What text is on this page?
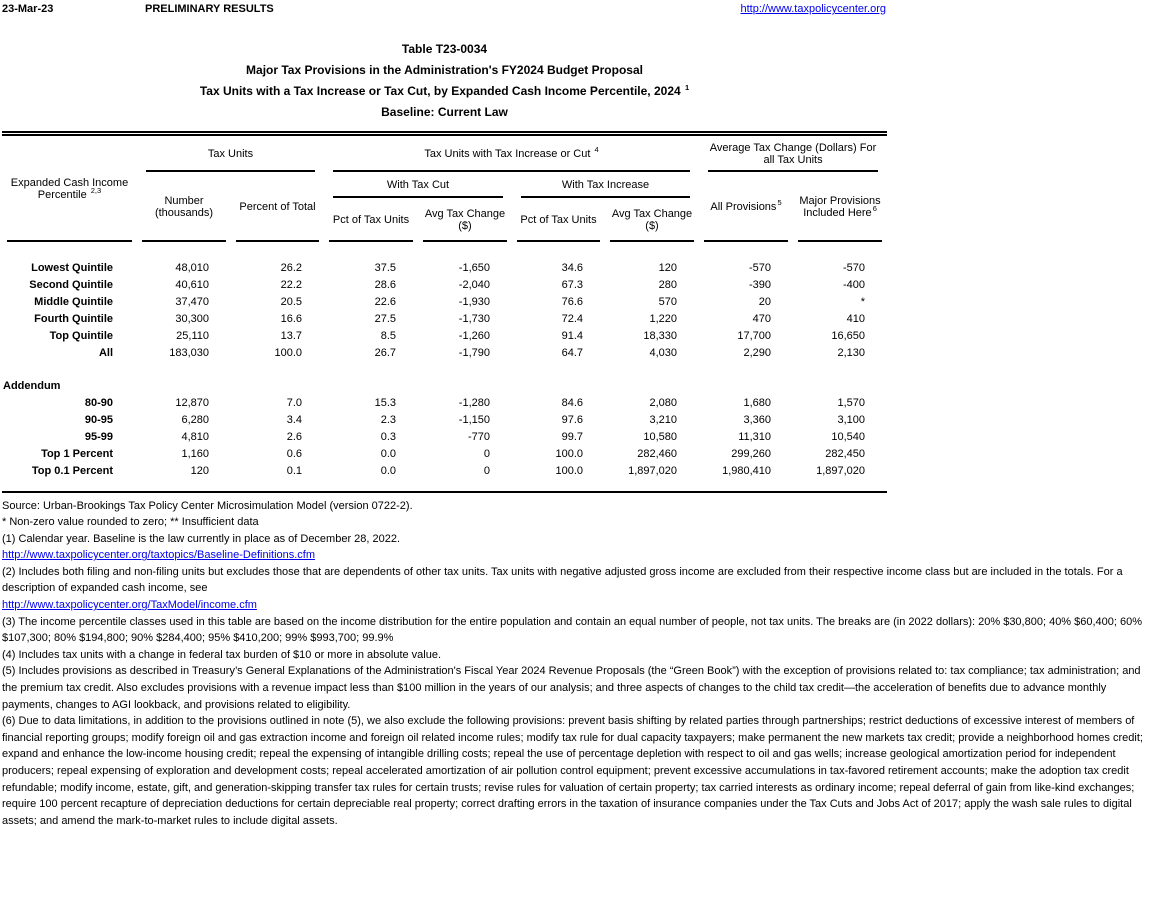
23-Mar-23	PRELIMINARY RESULTS	http://www.taxpolicycenter.org
Table T23-0034
Major Tax Provisions in the Administration's FY2024 Budget Proposal
Tax Units with a Tax Increase or Tax Cut, by Expanded Cash Income Percentile, 2024 $^1$
Baseline: Current Law
Expanded Cash Income Percentile $^{2,3}$	Tax Units		Tax Units with Tax Increase or Cut $^4$				Average Tax Change (Dollars) For all Tax Units	
	Number (thousands)	Percent of Total	With Tax Cut		With Tax Increase		All Provisions$^5$	Major Provisions Included Here$^6$
			Pct of Tax Units	Avg Tax Change ($)	Pct of Tax Units	Avg Tax Change ($)		

Lowest Quintile	48,010	26.2	37.5	-1,650	34.6	120	-570	-570
Second Quintile	40,610	22.2	28.6	-2,040	67.3	280	-390	-400
Middle Quintile	37,470	20.5	22.6	-1,930	76.6	570	20	*
Fourth Quintile	30,300	16.6	27.5	-1,730	72.4	1,220	470	410
Top Quintile	25,110	13.7	8.5	-1,260	91.4	18,330	17,700	16,650
All	183,030	100.0	26.7	-1,790	64.7	4,030	2,290	2,130

Addendum								
80-90	12,870	7.0	15.3	-1,280	84.6	2,080	1,680	1,570
90-95	6,280	3.4	2.3	-1,150	97.6	3,210	3,360	3,100
95-99	4,810	2.6	0.3	-770	99.7	10,580	11,310	10,540
Top 1 Percent	1,160	0.6	0.0	0	100.0	282,460	299,260	282,450
Top 0.1 Percent	120	0.1	0.0	0	100.0	1,897,020	1,980,410	1,897,020

Source: Urban-Brookings Tax Policy Center Microsimulation Model (version 0722-2).

* Non-zero value rounded to zero; ** Insufficient data

(1) Calendar year. Baseline is the law currently in place as of December 28, 2022.

http://www.taxpolicycenter.org/taxtopics/Baseline-Definitions.cfm

(2) Includes both filing and non-filing units but excludes those that are dependents of other tax units. Tax units with negative adjusted gross income are excluded from their respective income class but are included in the totals. For a description of expanded cash income, see

http://www.taxpolicycenter.org/TaxModel/income.cfm

(3) The income percentile classes used in this table are based on the income distribution for the entire population and contain an equal number of people, not tax units. The breaks are (in 2022 dollars): 20% $30,800; 40% $60,400; 60% $107,300; 80% $194,800; 90% $284,400; 95% $410,200; 99% $993,700; 99.9%

(4) Includes tax units with a change in federal tax burden of $10 or more in absolute value.

(5) Includes provisions as described in Treasury’s General Explanations of the Administration's Fiscal Year 2024 Revenue Proposals (the “Green Book”) with the exception of provisions related to: tax compliance; tax administration; and the premium tax credit. Also excludes provisions with a revenue impact less than $100 million in the years of our analysis; and three aspects of changes to the child tax credit—the acceleration of benefits due to advance monthly payments, changes to AGI lookback, and provisions related to eligibility.

(6) Due to data limitations, in addition to the provisions outlined in note (5), we also exclude the following provisions: prevent basis shifting by related parties through partnerships; restrict deductions of excessive interest of members of financial reporting groups; modify foreign oil and gas extraction income and foreign oil related income rules; modify tax rule for dual capacity taxpayers; make permanent the new markets tax credit; provide a neighborhood homes credit; expand and enhance the low-income housing credit; repeal the expensing of intangible drilling costs; repeal the use of percentage depletion with respect to oil and gas wells; increase geological amortization period for independent producers; repeal expensing of exploration and development costs; repeal accelerated amortization of air pollution control equipment; prevent excessive accumulations in tax-favored retirement accounts; make the adoption tax credit refundable; modify income, estate, gift, and generation-skipping transfer tax rules for certain trusts; revise rules for valuation of certain property; tax carried interests as ordinary income; repeal deferral of gain from like-kind exchanges; require 100 percent recapture of depreciation deductions for certain depreciable real property; correct drafting errors in the taxation of insurance companies under the Tax Cuts and Jobs Act of 2017; apply the wash sale rules to digital assets; and amend the mark-to-market rules to include digital assets.
